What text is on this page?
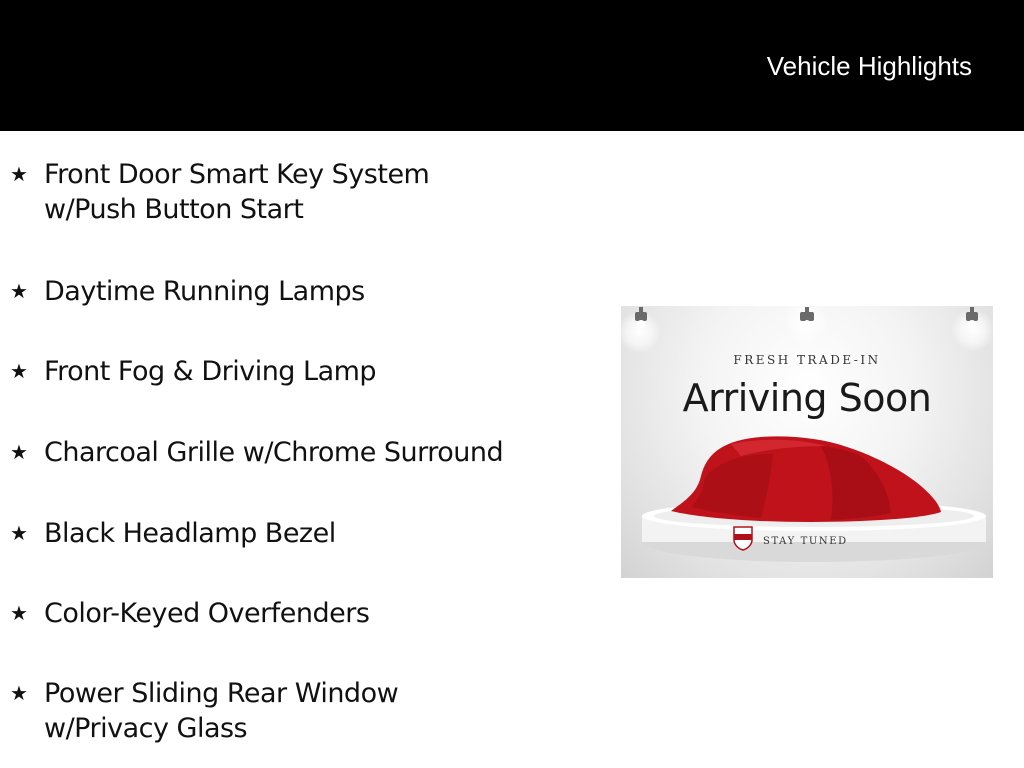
Vehicle Highlights
★ Front Door Smart Key System
w/Push Button Start
★ Daytime Running Lamps
★ Front Fog & Driving Lamp
★ Charcoal Grille w/Chrome Surround
★ Black Headlamp Bezel
★ Color-Keyed Overfenders
★ Power Sliding Rear Window
w/Privacy Glass
FRESH TRADE-IN
Arriving Soon
STAY TUNED
